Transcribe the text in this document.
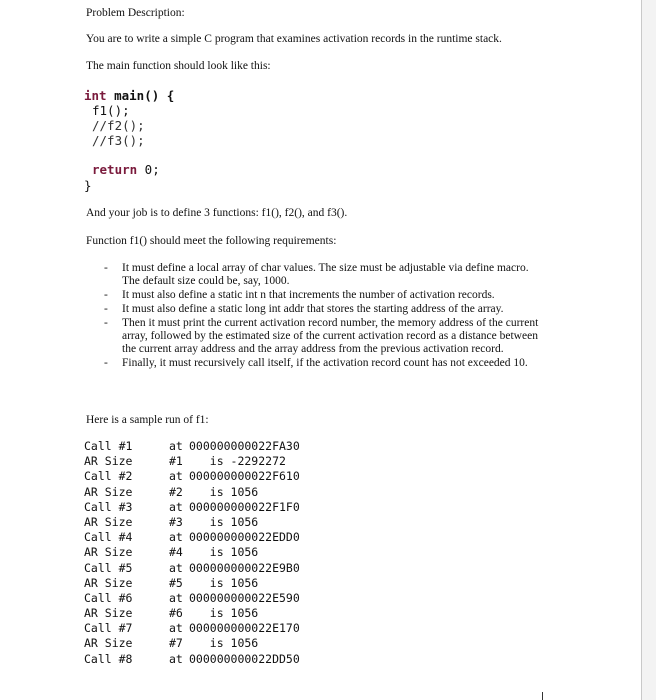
Problem Description:
You are to write a simple C program that examines activation records in the runtime stack.
The main function should look like this:
int main() {
f1();
//f2();
//f3();
return 0;
}
And your job is to define 3 functions: f1(), f2(), and f3().
Function f1() should meet the following requirements:
- It must define a local array of char values. The size must be adjustable via define macro. The default size could be, say, 1000.
- It must also define a static int n that increments the number of activation records.
- It must also define a static long int addr that stores the starting address of the array.
- Then it must print the current activation record number, the memory address of the current array, followed by the estimated size of the current activation record as a distance between the current array address and the array address from the previous activation record.
- Finally, it must recursively call itself, if the activation record count has not exceeded 10.
Here is a sample run of f1:
Call #1	at 000000000022FA30
AR Size	#1   is -2292272
Call #2	at 000000000022F610
AR Size	#2   is 1056
Call #3	at 000000000022F1F0
AR Size	#3   is 1056
Call #4	at 000000000022EDD0
AR Size	#4   is 1056
Call #5	at 000000000022E9B0
AR Size	#5   is 1056
Call #6	at 000000000022E590
AR Size	#6   is 1056
Call #7	at 000000000022E170
AR Size	#7   is 1056
Call #8	at 000000000022DD50
